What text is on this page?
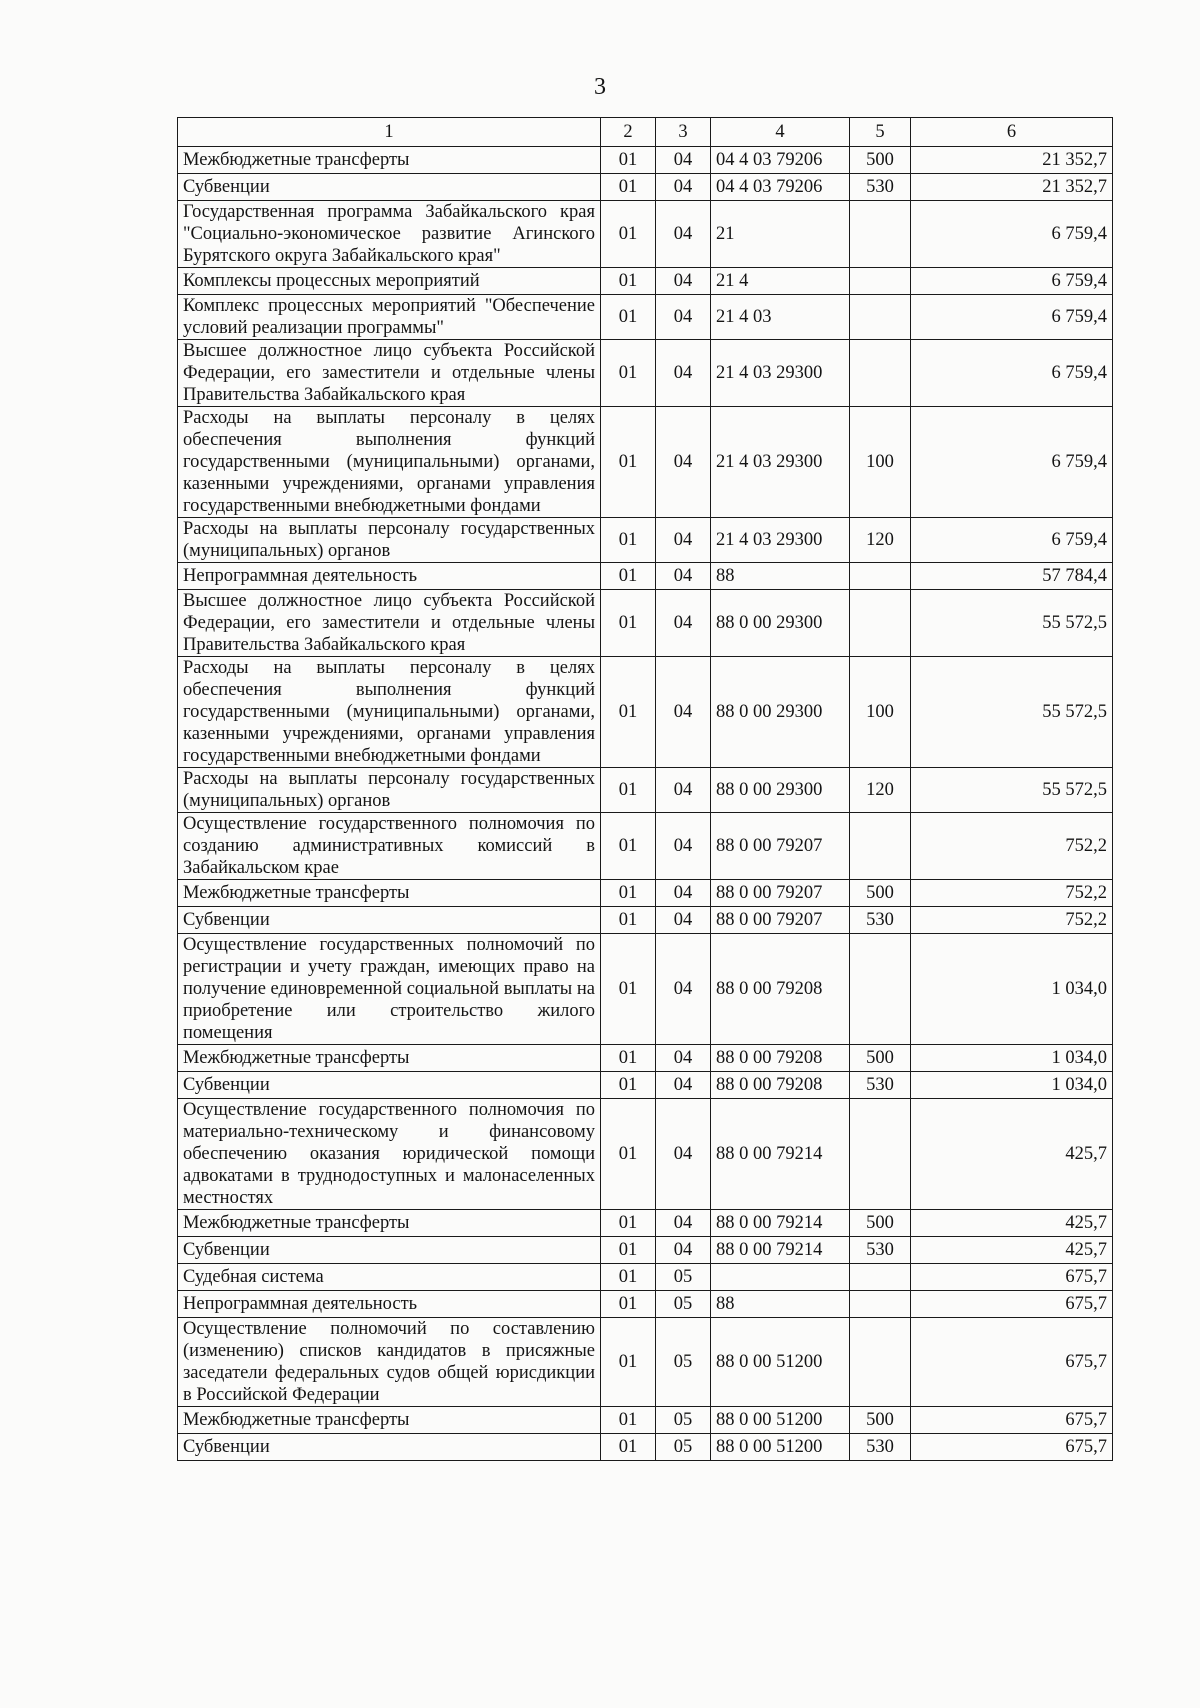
3
1	2	3	4	5	6
Межбюджетные трансферты	01	04	04 4 03 79206	500	21 352,7
Субвенции	01	04	04 4 03 79206	530	21 352,7
Государственная программа Забайкальского края "Социально-экономическое развитие Агинского Бурятского округа Забайкальского края"	01	04	21		6 759,4
Комплексы процессных мероприятий	01	04	21 4		6 759,4
Комплекс процессных мероприятий "Обеспечение условий реализации программы"	01	04	21 4 03		6 759,4
Высшее должностное лицо субъекта Российской Федерации, его заместители и отдельные члены Правительства Забайкальского края	01	04	21 4 03 29300		6 759,4
Расходы на выплаты персоналу в целях обеспечения выполнения функций государственными (муниципальными) органами, казенными учреждениями, органами управления государственными внебюджетными фондами	01	04	21 4 03 29300	100	6 759,4
Расходы на выплаты персоналу государственных (муниципальных) органов	01	04	21 4 03 29300	120	6 759,4
Непрограммная деятельность	01	04	88		57 784,4
Высшее должностное лицо субъекта Российской Федерации, его заместители и отдельные члены Правительства Забайкальского края	01	04	88 0 00 29300		55 572,5
Расходы на выплаты персоналу в целях обеспечения выполнения функций государственными (муниципальными) органами, казенными учреждениями, органами управления государственными внебюджетными фондами	01	04	88 0 00 29300	100	55 572,5
Расходы на выплаты персоналу государственных (муниципальных) органов	01	04	88 0 00 29300	120	55 572,5
Осуществление государственного полномочия по созданию административных комиссий в Забайкальском крае	01	04	88 0 00 79207		752,2
Межбюджетные трансферты	01	04	88 0 00 79207	500	752,2
Субвенции	01	04	88 0 00 79207	530	752,2
Осуществление государственных полномочий по регистрации и учету граждан, имеющих право на получение единовременной социальной выплаты на приобретение или строительство жилого помещения	01	04	88 0 00 79208		1 034,0
Межбюджетные трансферты	01	04	88 0 00 79208	500	1 034,0
Субвенции	01	04	88 0 00 79208	530	1 034,0
Осуществление государственного полномочия по материально-техническому и финансовому обеспечению оказания юридической помощи адвокатами в труднодоступных и малонаселенных местностях	01	04	88 0 00 79214		425,7
Межбюджетные трансферты	01	04	88 0 00 79214	500	425,7
Субвенции	01	04	88 0 00 79214	530	425,7
Судебная система	01	05			675,7
Непрограммная деятельность	01	05	88		675,7
Осуществление полномочий по составлению (изменению) списков кандидатов в присяжные заседатели федеральных судов общей юрисдикции в Российской Федерации	01	05	88 0 00 51200		675,7
Межбюджетные трансферты	01	05	88 0 00 51200	500	675,7
Субвенции	01	05	88 0 00 51200	530	675,7
